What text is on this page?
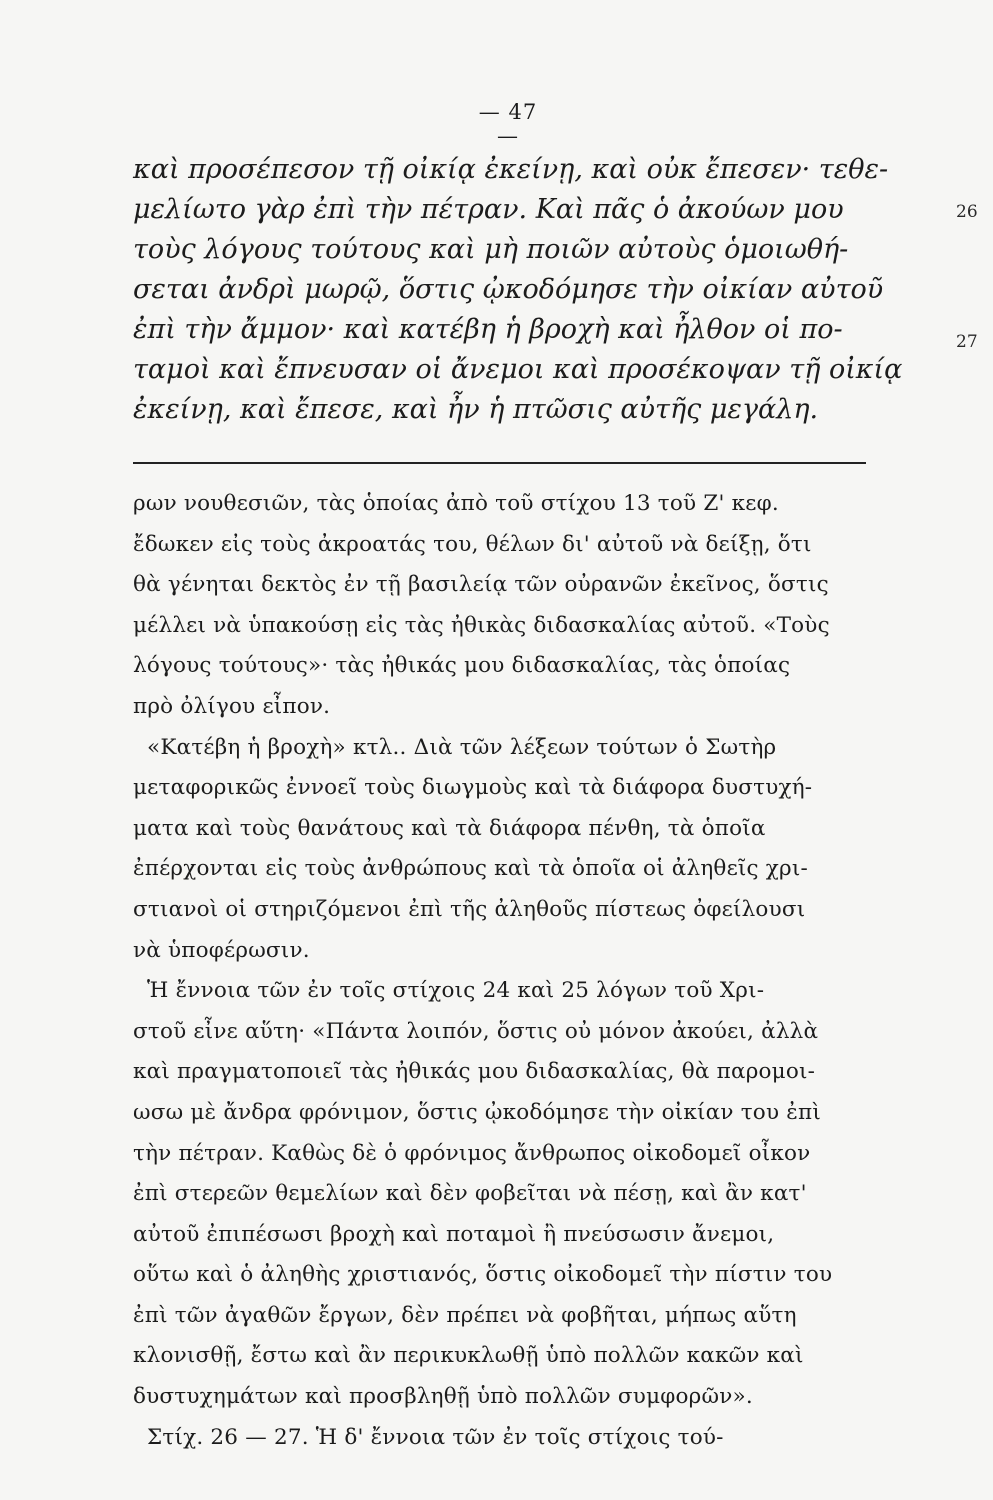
— 47 —
καὶ προσέπεσον τῇ οἰκίᾳ ἐκείνῃ, καὶ οὐκ ἔπεσεν· τεθε-
μελίωτο γὰρ ἐπὶ τὴν πέτραν. Καὶ πᾶς ὁ ἀκούων μου
τοὺς λόγους τούτους καὶ μὴ ποιῶν αὐτοὺς ὁμοιωθή-
σεται ἀνδρὶ μωρῷ, ὅστις ᾠκοδόμησε τὴν οἰκίαν αὐτοῦ
ἐπὶ τὴν ἄμμον· καὶ κατέβη ἡ βροχὴ καὶ ἦλθον οἱ πο-
ταμοὶ καὶ ἔπνευσαν οἱ ἄνεμοι καὶ προσέκοψαν τῇ οἰκίᾳ
ἐκείνῃ, καὶ ἔπεσε, καὶ ἦν ἡ πτῶσις αὐτῆς μεγάλη.
26
27
ρων νουθεσιῶν, τὰς ὁποίας ἀπὸ τοῦ στίχου 13 τοῦ Ζ' κεφ.
ἔδωκεν εἰς τοὺς ἀκροατάς του, θέλων δι' αὐτοῦ νὰ δείξῃ, ὅτι
θὰ γένηται δεκτὸς ἐν τῇ βασιλείᾳ τῶν οὐρανῶν ἐκεῖνος, ὅστις
μέλλει νὰ ὑπακούσῃ εἰς τὰς ἠθικὰς διδασκαλίας αὐτοῦ. «Τοὺς
λόγους τούτους»· τὰς ἠθικάς μου διδασκαλίας, τὰς ὁποίας
πρὸ ὀλίγου εἶπον.
«Κατέβη ἡ βροχὴ» κτλ.. Διὰ τῶν λέξεων τούτων ὁ Σωτὴρ
μεταφορικῶς ἐννοεῖ τοὺς διωγμοὺς καὶ τὰ διάφορα δυστυχή-
ματα καὶ τοὺς θανάτους καὶ τὰ διάφορα πένθη, τὰ ὁποῖα
ἐπέρχονται εἰς τοὺς ἀνθρώπους καὶ τὰ ὁποῖα οἱ ἀληθεῖς χρι-
στιανοὶ οἱ στηριζόμενοι ἐπὶ τῆς ἀληθοῦς πίστεως ὀφείλουσι
νὰ ὑποφέρωσιν.
Ἡ ἔννοια τῶν ἐν τοῖς στίχοις 24 καὶ 25 λόγων τοῦ Χρι-
στοῦ εἶνε αὕτη· «Πάντα λοιπόν, ὅστις οὐ μόνον ἀκούει, ἀλλὰ
καὶ πραγματοποιεῖ τὰς ἠθικάς μου διδασκαλίας, θὰ παρομοι-
ωσω μὲ ἄνδρα φρόνιμον, ὅστις ᾠκοδόμησε τὴν οἰκίαν του ἐπὶ
τὴν πέτραν. Καθὼς δὲ ὁ φρόνιμος ἄνθρωπος οἰκοδομεῖ οἶκον
ἐπὶ στερεῶν θεμελίων καὶ δὲν φοβεῖται νὰ πέσῃ, καὶ ἂν κατ'
αὐτοῦ ἐπιπέσωσι βροχὴ καὶ ποταμοὶ ἢ πνεύσωσιν ἄνεμοι,
οὕτω καὶ ὁ ἀληθὴς χριστιανός, ὅστις οἰκοδομεῖ τὴν πίστιν του
ἐπὶ τῶν ἀγαθῶν ἔργων, δὲν πρέπει νὰ φοβῆται, μήπως αὕτη
κλονισθῇ, ἔστω καὶ ἂν περικυκλωθῇ ὑπὸ πολλῶν κακῶν καὶ
δυστυχημάτων καὶ προσβληθῇ ὑπὸ πολλῶν συμφορῶν».
Στίχ. 26 — 27. Ἡ δ' ἔννοια τῶν ἐν τοῖς στίχοις τού-
